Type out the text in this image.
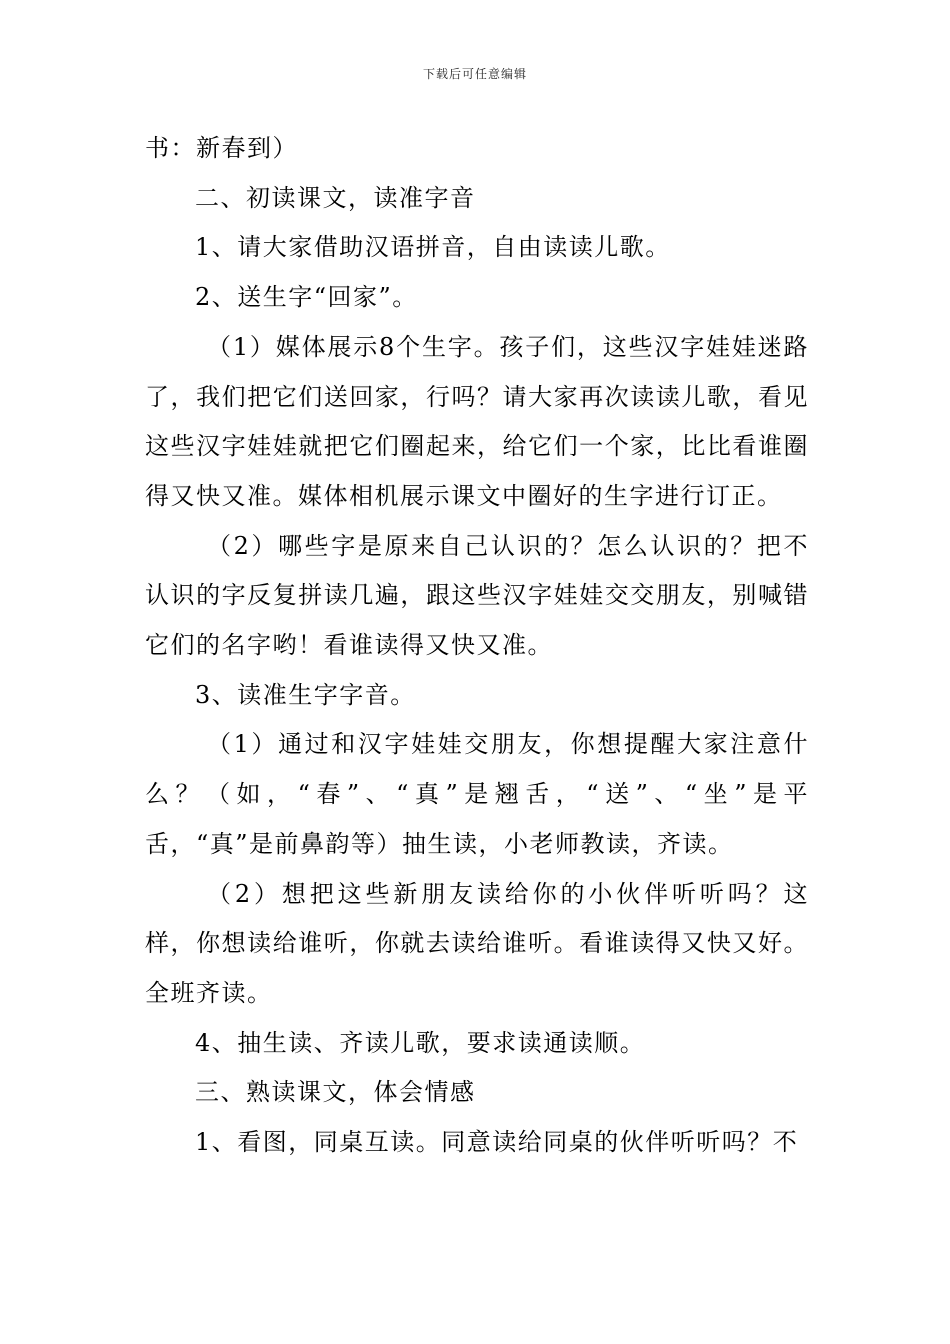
下载后可任意编辑

书：新春到）

二、初读课文，读准字音

1、请大家借助汉语拼音，自由读读儿歌。

2、送生字“回家”。

（1）媒体展示8个生字。孩子们，这些汉字娃娃迷路了，我们把它们送回家，行吗？请大家再次读读儿歌，看见这些汉字娃娃就把它们圈起来，给它们一个家，比比看谁圈得又快又准。媒体相机展示课文中圈好的生字进行订正。

（2）哪些字是原来自己认识的？怎么认识的？把不认识的字反复拼读几遍，跟这些汉字娃娃交交朋友，别喊错它们的名字哟！看谁读得又快又准。

3、读准生字字音。

（1）通过和汉字娃娃交朋友，你想提醒大家注意什么？（如，“春”、“真”是翘舌，“送”、“坐”是平舌，“真”是前鼻韵等）抽生读，小老师教读，齐读。

（2）想把这些新朋友读给你的小伙伴听听吗？这样，你想读给谁听，你就去读给谁听。看谁读得又快又好。全班齐读。

4、抽生读、齐读儿歌，要求读通读顺。

三、熟读课文，体会情感

1、看图，同桌互读。同意读给同桌的伙伴听听吗？不
